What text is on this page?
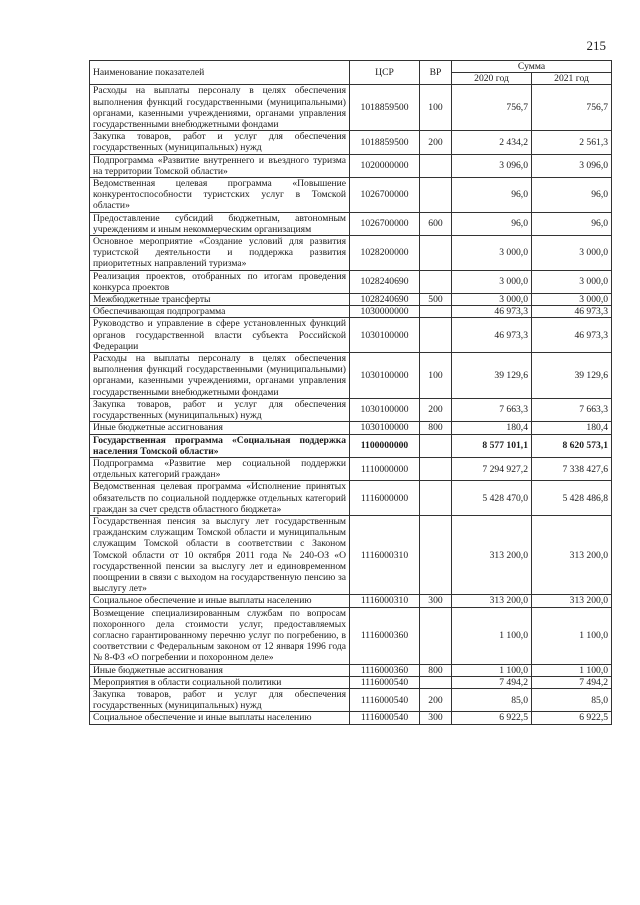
215
Наименование показателей	ЦСР	ВР	Сумма	
			2020 год	2021 год
Расходы на выплаты персоналу в целях обеспечения выполнения функций государственными (муниципальными) органами, казенными учреждениями, органами управления государственными внебюджетными фондами	1018859500	100	756,7	756,7
Закупка товаров, работ и услуг для обеспечения государственных (муниципальных) нужд	1018859500	200	2 434,2	2 561,3
Подпрограмма «Развитие внутреннего и въездного туризма на территории Томской области»	1020000000		3 096,0	3 096,0
Ведомственная целевая программа «Повышение конкурентоспособности туристских услуг в Томской области»	1026700000		96,0	96,0
Предоставление субсидий бюджетным, автономным учреждениям и иным некоммерческим организациям	1026700000	600	96,0	96,0
Основное мероприятие «Создание условий для развития туристской деятельности и поддержка развития приоритетных направлений туризма»	1028200000		3 000,0	3 000,0
Реализация проектов, отобранных по итогам проведения конкурса проектов	1028240690		3 000,0	3 000,0
Межбюджетные трансферты	1028240690	500	3 000,0	3 000,0
Обеспечивающая подпрограмма	1030000000		46 973,3	46 973,3
Руководство и управление в сфере установленных функций органов государственной власти субъекта Российской Федерации	1030100000		46 973,3	46 973,3
Расходы на выплаты персоналу в целях обеспечения выполнения функций государственными (муниципальными) органами, казенными учреждениями, органами управления государственными внебюджетными фондами	1030100000	100	39 129,6	39 129,6
Закупка товаров, работ и услуг для обеспечения государственных (муниципальных) нужд	1030100000	200	7 663,3	7 663,3
Иные бюджетные ассигнования	1030100000	800	180,4	180,4
Государственная программа «Социальная поддержка населения Томской области»	1100000000		8 577 101,1	8 620 573,1
Подпрограмма «Развитие мер социальной поддержки отдельных категорий граждан»	1110000000		7 294 927,2	7 338 427,6
Ведомственная целевая программа «Исполнение принятых обязательств по социальной поддержке отдельных категорий граждан за счет средств областного бюджета»	1116000000		5 428 470,0	5 428 486,8
Государственная пенсия за выслугу лет государственным гражданским служащим Томской области и муниципальным служащим Томской области в соответствии с Законом Томской области от 10 октября 2011 года № 240-ОЗ «О государственной пенсии за выслугу лет и единовременном поощрении в связи с выходом на государственную пенсию за выслугу лет»	1116000310		313 200,0	313 200,0
Социальное обеспечение и иные выплаты населению	1116000310	300	313 200,0	313 200,0
Возмещение специализированным службам по вопросам похоронного дела стоимости услуг, предоставляемых согласно гарантированному перечню услуг по погребению, в соответствии с Федеральным законом от 12 января 1996 года № 8-ФЗ «О погребении и похоронном деле»	1116000360		1 100,0	1 100,0
Иные бюджетные ассигнования	1116000360	800	1 100,0	1 100,0
Мероприятия в области социальной политики	1116000540		7 494,2	7 494,2
Закупка товаров, работ и услуг для обеспечения государственных (муниципальных) нужд	1116000540	200	85,0	85,0
Социальное обеспечение и иные выплаты населению	1116000540	300	6 922,5	6 922,5
